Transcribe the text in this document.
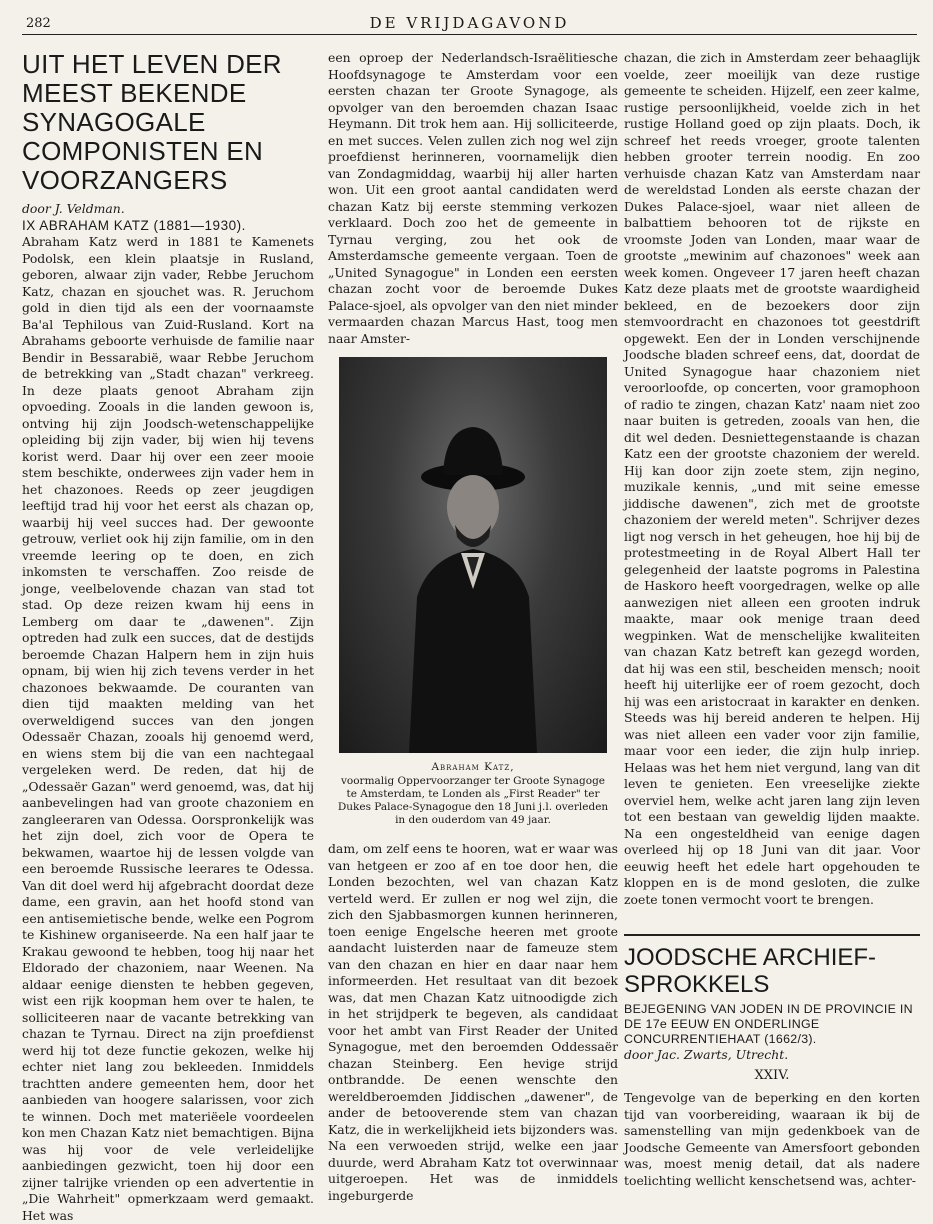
282	DE VRIJDAGAVOND
UIT HET LEVEN DER MEEST BEKENDE SYNAGOGALE COMPONISTEN EN VOORZANGERS

door J. Veldman.

IX ABRAHAM KATZ (1881—1930).

Abraham Katz werd in 1881 te Kamenets Podolsk, een klein plaatsje in Rusland, geboren, alwaar zijn vader, Rebbe Jeruchom Katz, chazan en sjouchet was. R. Jeruchom gold in dien tijd als een der voornaamste Ba'al Tephilous van Zuid-Rusland. Kort na Abrahams geboorte verhuisde de familie naar Bendir in Bessarabië, waar Rebbe Jeruchom de betrekking van „Stadt chazan" verkreeg. In deze plaats genoot Abraham zijn opvoeding. Zooals in die landen gewoon is, ontving hij zijn Joodsch-wetenschappelijke opleiding bij zijn vader, bij wien hij tevens korist werd. Daar hij over een zeer mooie stem beschikte, onderwees zijn vader hem in het chazonoes. Reeds op zeer jeugdigen leeftijd trad hij voor het eerst als chazan op, waarbij hij veel succes had. Der gewoonte getrouw, verliet ook hij zijn familie, om in den vreemde leering op te doen, en zich inkomsten te verschaffen. Zoo reisde de jonge, veelbelovende chazan van stad tot stad. Op deze reizen kwam hij eens in Lemberg om daar te „dawenen". Zijn optreden had zulk een succes, dat de destijds beroemde Chazan Halpern hem in zijn huis opnam, bij wien hij zich tevens verder in het chazonoes bekwaamde. De couranten van dien tijd maakten melding van het overweldigend succes van den jongen Odessaër Chazan, zooals hij genoemd werd, en wiens stem bij die van een nachtegaal vergeleken werd. De reden, dat hij de „Odessaër Gazan" werd genoemd, was, dat hij aanbevelingen had van groote chazoniem en zangleeraren van Odessa. Oorspronkelijk was het zijn doel, zich voor de Opera te bekwamen, waartoe hij de lessen volgde van een beroemde Russische leerares te Odessa. Van dit doel werd hij afgebracht doordat deze dame, een gravin, aan het hoofd stond van een antisemietische bende, welke een Pogrom te Kishinew organiseerde. Na een half jaar te Krakau gewoond te hebben, toog hij naar het Eldorado der chazoniem, naar Weenen. Na aldaar eenige diensten te hebben gegeven, wist een rijk koopman hem over te halen, te solliciteeren naar de vacante betrekking van chazan te Tyrnau. Direct na zijn proefdienst werd hij tot deze functie gekozen, welke hij echter niet lang zou bekleeden. Inmiddels trachtten andere gemeenten hem, door het aanbieden van hoogere salarissen, voor zich te winnen. Doch met materiëele voordeelen kon men Chazan Katz niet bemachtigen. Bijna was hij voor de vele verleidelijke aanbiedingen gezwicht, toen hij door een zijner talrijke vrienden op een advertentie in „Die Wahrheit" opmerkzaam werd gemaakt. Het was

een oproep der Nederlandsch-Israëlitiesche Hoofdsynagoge te Amsterdam voor een eersten chazan ter Groote Synagoge, als opvolger van den beroemden chazan Isaac Heymann. Dit trok hem aan. Hij solliciteerde, en met succes. Velen zullen zich nog wel zijn proefdienst herinneren, voornamelijk dien van Zondagmiddag, waarbij hij aller harten won. Uit een groot aantal candidaten werd chazan Katz bij eerste stemming verkozen verklaard. Doch zoo het de gemeente in Tyrnau verging, zou het ook de Amsterdamsche gemeente vergaan. Toen de „United Synagogue" in Londen een eersten chazan zocht voor de beroemde Dukes Palace-sjoel, als opvolger van den niet minder vermaarden chazan Marcus Hast, toog men naar Amster-

Abraham Katz,
voormalig Oppervoorzanger ter Groote Synagoge te Amsterdam, te Londen als „First Reader" ter Dukes Palace-Synagogue den 18 Juni j.l. overleden in den ouderdom van 49 jaar.

dam, om zelf eens te hooren, wat er waar was van hetgeen er zoo af en toe door hen, die Londen bezochten, wel van chazan Katz verteld werd. Er zullen er nog wel zijn, die zich den Sjabbasmorgen kunnen herinneren, toen eenige Engelsche heeren met groote aandacht luisterden naar de fameuze stem van den chazan en hier en daar naar hem informeerden. Het resultaat van dit bezoek was, dat men Chazan Katz uitnoodigde zich in het strijdperk te begeven, als candidaat voor het ambt van First Reader der United Synagogue, met den beroemden Oddessaër chazan Steinberg. Een hevige strijd ontbrandde. De eenen wenschte den wereldberoemden Jiddischen „dawener", de ander de betooverende stem van chazan Katz, die in werkelijkheid iets bijzonders was. Na een verwoeden strijd, welke een jaar duurde, werd Abraham Katz tot overwinnaar uitgeroepen. Het was de inmiddels ingeburgerde

chazan, die zich in Amsterdam zeer behaaglijk voelde, zeer moeilijk van deze rustige gemeente te scheiden. Hijzelf, een zeer kalme, rustige persoonlijkheid, voelde zich in het rustige Holland goed op zijn plaats. Doch, ik schreef het reeds vroeger, groote talenten hebben grooter terrein noodig. En zoo verhuisde chazan Katz van Amsterdam naar de wereldstad Londen als eerste chazan der Dukes Palace-sjoel, waar niet alleen de balbattiem behooren tot de rijkste en vroomste Joden van Londen, maar waar de grootste „mewinim auf chazonoes" week aan week komen. Ongeveer 17 jaren heeft chazan Katz deze plaats met de grootste waardigheid bekleed, en de bezoekers door zijn stemvoordracht en chazonoes tot geestdrift opgewekt. Een der in Londen verschijnende Joodsche bladen schreef eens, dat, doordat de United Synagogue haar chazoniem niet veroorloofde, op concerten, voor gramophoon of radio te zingen, chazan Katz' naam niet zoo naar buiten is getreden, zooals van hen, die dit wel deden. Desniettegenstaande is chazan Katz een der grootste chazoniem der wereld. Hij kan door zijn zoete stem, zijn negino, muzikale kennis, „und mit seine emesse jiddische dawenen", zich met de grootste chazoniem der wereld meten". Schrijver dezes ligt nog versch in het geheugen, hoe hij bij de protestmeeting in de Royal Albert Hall ter gelegenheid der laatste pogroms in Palestina de Haskoro heeft voorgedragen, welke op alle aanwezigen niet alleen een grooten indruk maakte, maar ook menige traan deed wegpinken. Wat de menschelijke kwaliteiten van chazan Katz betreft kan gezegd worden, dat hij was een stil, bescheiden mensch; nooit heeft hij uiterlijke eer of roem gezocht, doch hij was een aristocraat in karakter en denken. Steeds was hij bereid anderen te helpen. Hij was niet alleen een vader voor zijn familie, maar voor een ieder, die zijn hulp inriep. Helaas was het hem niet vergund, lang van dit leven te genieten. Een vreeselijke ziekte overviel hem, welke acht jaren lang zijn leven tot een bestaan van geweldig lijden maakte. Na een ongesteldheid van eenige dagen overleed hij op 18 Juni van dit jaar. Voor eeuwig heeft het edele hart opgehouden te kloppen en is de mond gesloten, die zulke zoete tonen vermocht voort te brengen.

JOODSCHE ARCHIEF-SPROKKELS

BEJEGENING VAN JODEN IN DE PROVINCIE IN DE 17e EEUW EN ONDERLINGE CONCURRENTIEHAAT (1662/3).

door Jac. Zwarts, Utrecht.

XXIV.

Tengevolge van de beperking en den korten tijd van voorbereiding, waaraan ik bij de samenstelling van mijn gedenkboek van de Joodsche Gemeente van Amersfoort gebonden was, moest menig detail, dat als nadere toelichting wellicht kenschetsend was, achter-
